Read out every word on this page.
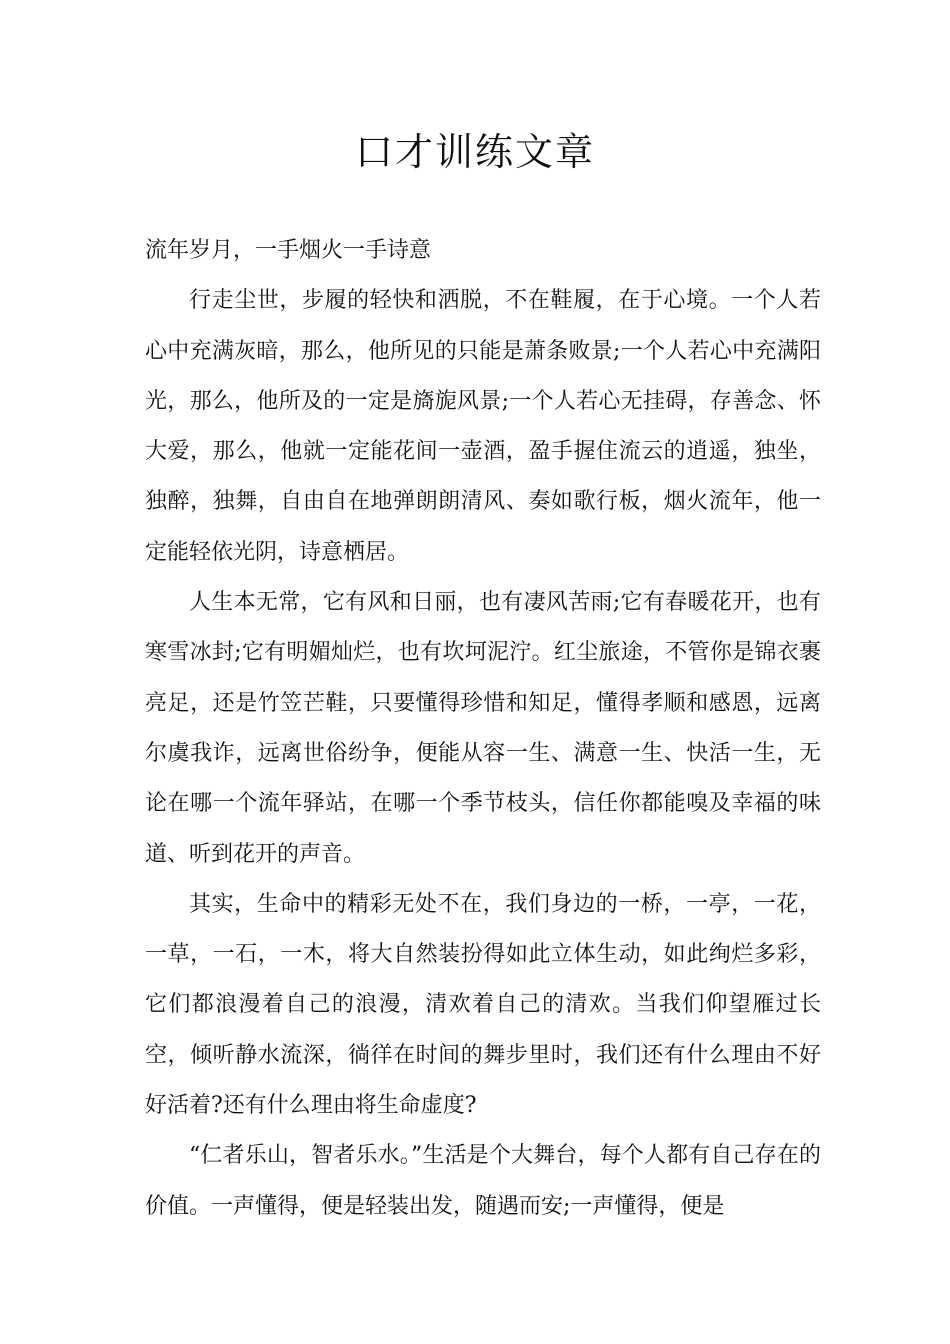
口才训练文章

流年岁月，一手烟火一手诗意

行走尘世，步履的轻快和洒脱，不在鞋履，在于心境。一个人若心中充满灰暗，那么，他所见的只能是萧条败景;一个人若心中充满阳光，那么，他所及的一定是旖旎风景;一个人若心无挂碍，存善念、怀大爱，那么，他就一定能花间一壶酒，盈手握住流云的逍遥，独坐，独醉，独舞，自由自在地弹朗朗清风、奏如歌行板，烟火流年，他一定能轻依光阴，诗意栖居。

人生本无常，它有风和日丽，也有凄风苦雨;它有春暖花开，也有寒雪冰封;它有明媚灿烂，也有坎坷泥泞。红尘旅途，不管你是锦衣裹亮足，还是竹笠芒鞋，只要懂得珍惜和知足，懂得孝顺和感恩，远离尔虞我诈，远离世俗纷争，便能从容一生、满意一生、快活一生，无论在哪一个流年驿站，在哪一个季节枝头，信任你都能嗅及幸福的味道、听到花开的声音。

其实，生命中的精彩无处不在，我们身边的一桥，一亭，一花，一草，一石，一木，将大自然装扮得如此立体生动，如此绚烂多彩，它们都浪漫着自己的浪漫，清欢着自己的清欢。当我们仰望雁过长空，倾听静水流深，徜徉在时间的舞步里时，我们还有什么理由不好好活着?还有什么理由将生命虚度?

“仁者乐山，智者乐水。”生活是个大舞台，每个人都有自己存在的价值。一声懂得，便是轻装出发，随遇而安;一声懂得，便是
